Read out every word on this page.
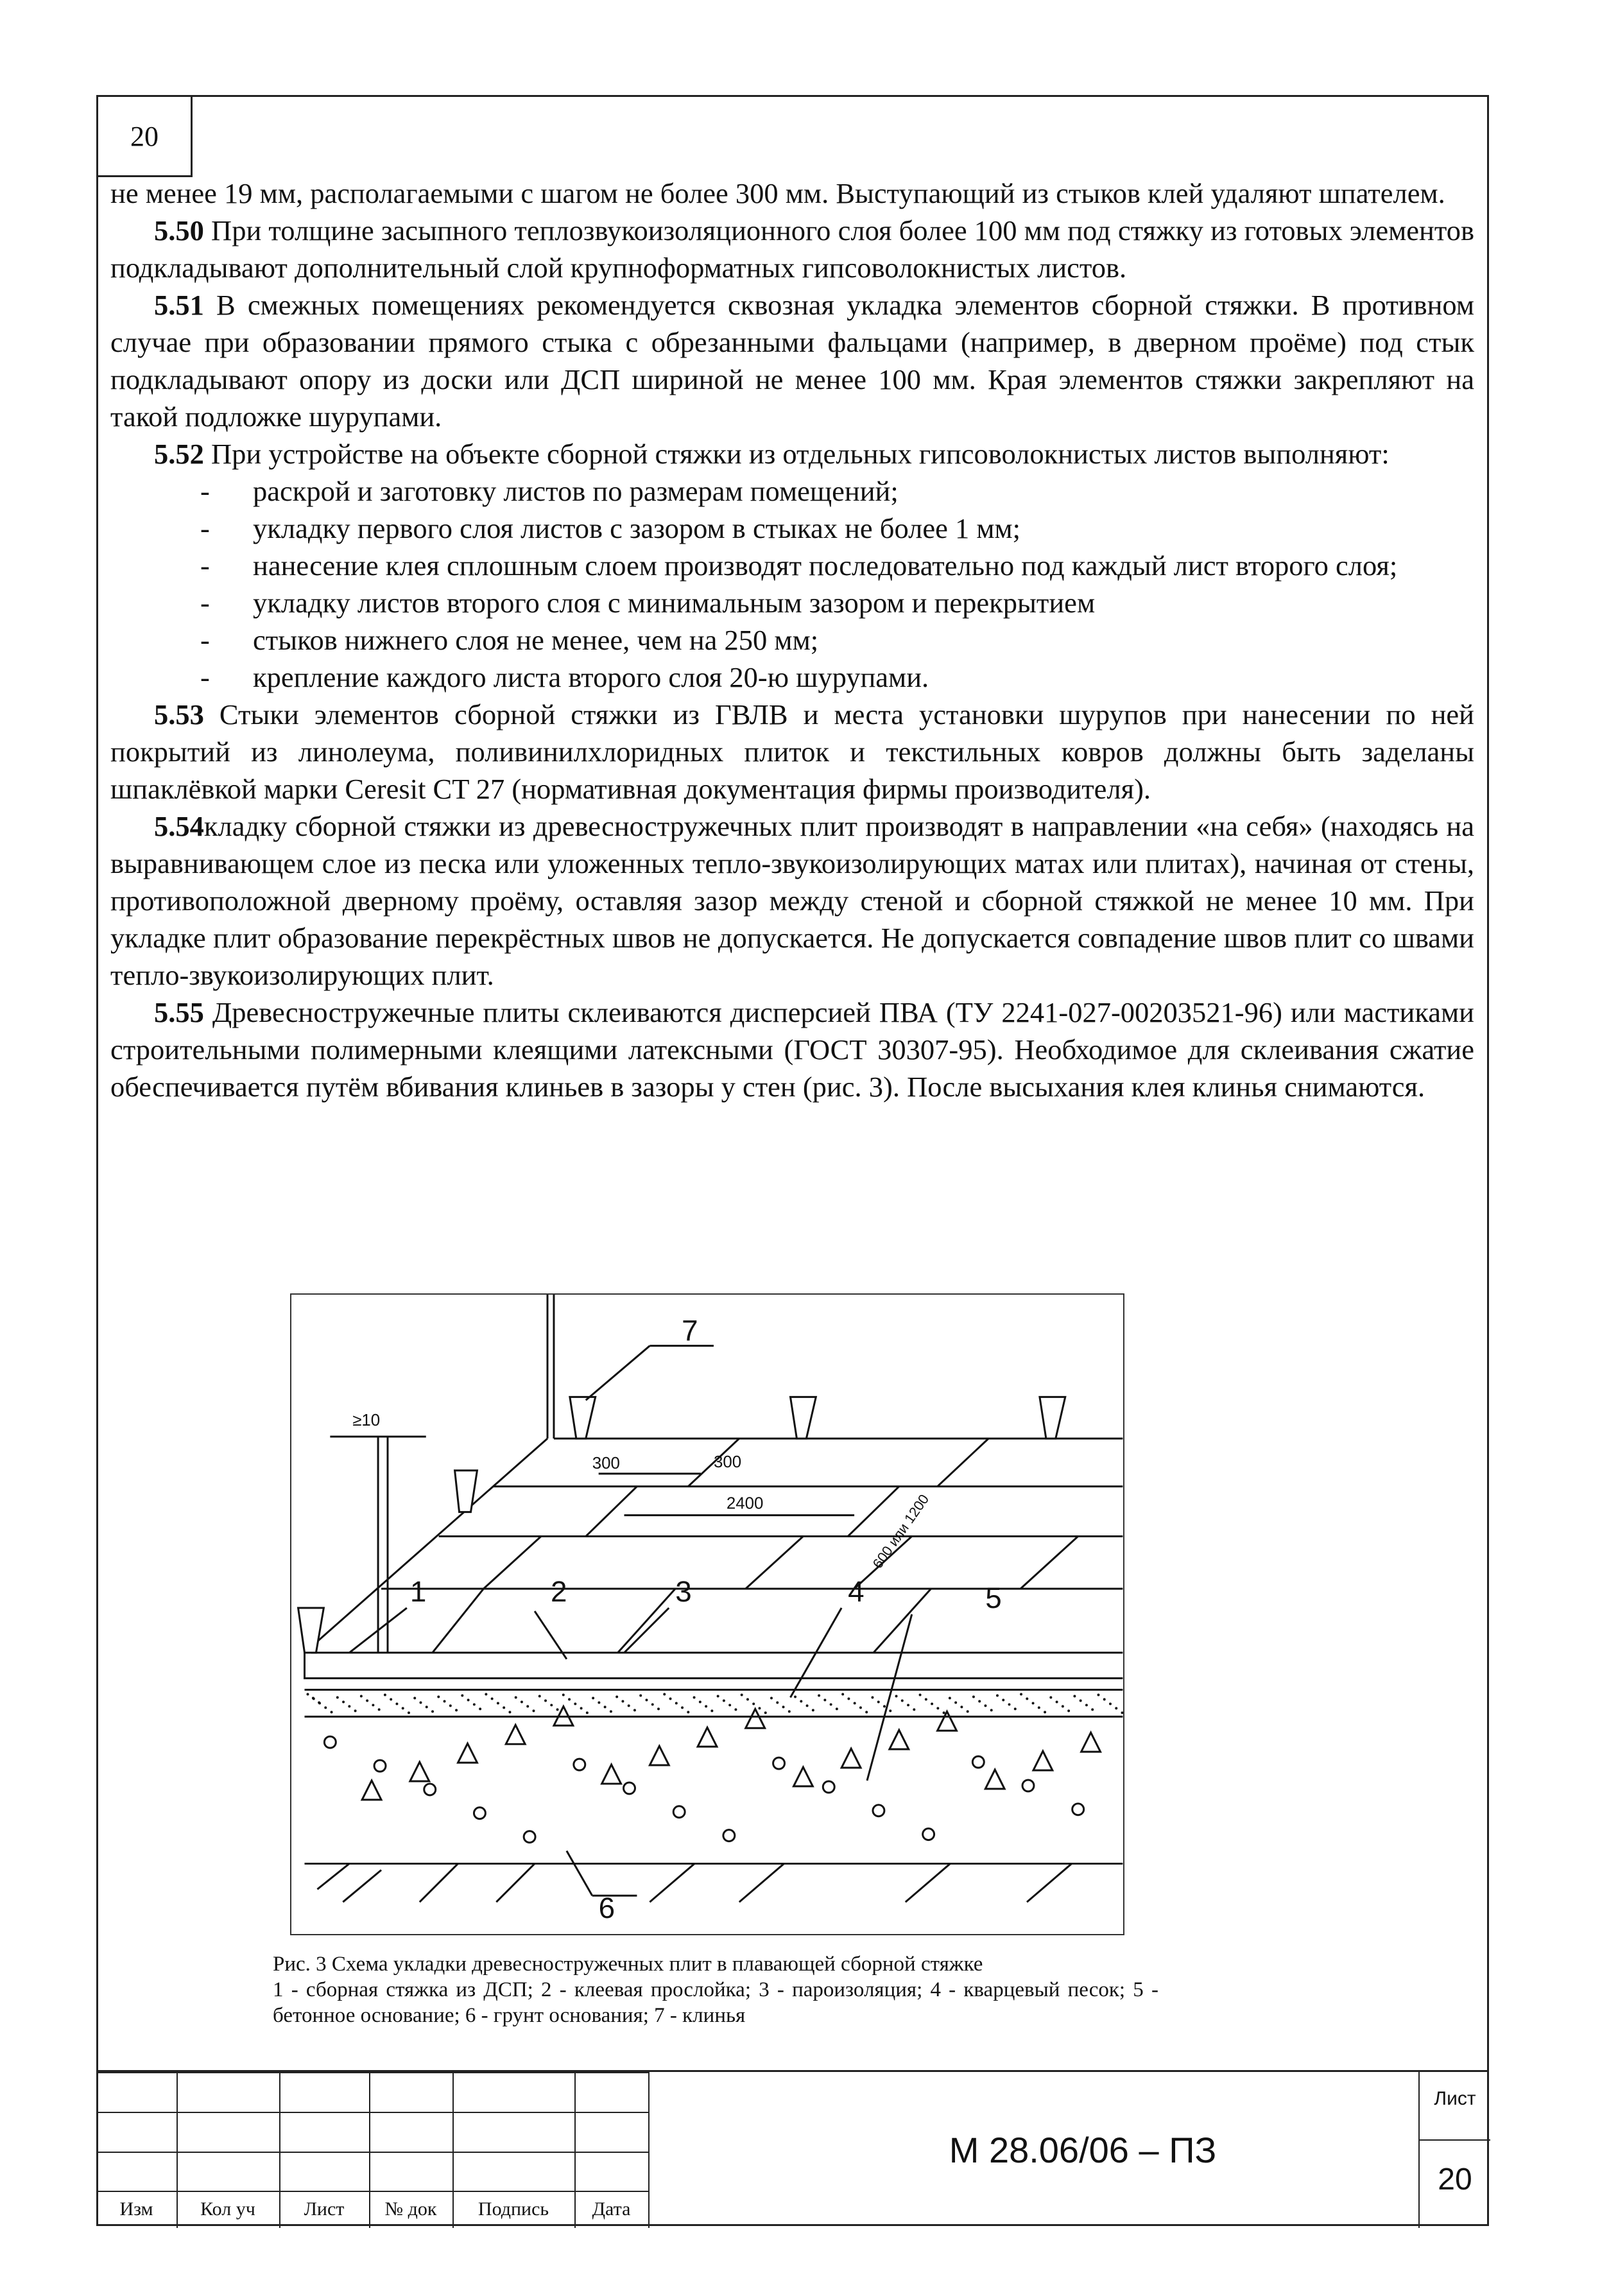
20

не менее 19 мм, располагаемыми с шагом не более 300 мм. Выступающий из стыков клей удаляют шпателем.

5.50 При толщине засыпного теплозвукоизоляционного слоя более 100 мм под стяжку из готовых элементов подкладывают дополнительный слой крупноформатных гипсоволокнистых листов.

5.51 В смежных помещениях рекомендуется сквозная укладка элементов сборной стяжки. В противном случае при образовании прямого стыка с обрезанными фальцами (например, в дверном проёме) под стык подкладывают опору из доски или ДСП шириной не менее 100 мм. Края элементов стяжки закрепляют на такой подложке шурупами.

5.52 При устройстве на объекте сборной стяжки из отдельных гипсоволокнистых листов выполняют:

- раскрой и заготовку листов по размерам помещений;
- укладку первого слоя листов с зазором в стыках не более 1 мм;
- нанесение клея сплошным слоем производят последовательно под каждый лист второго слоя;
- укладку листов второго слоя с минимальным зазором и перекрытием
- стыков нижнего слоя не менее, чем на 250 мм;
- крепление каждого листа второго слоя 20-ю шурупами.

5.53 Стыки элементов сборной стяжки из ГВЛВ и места установки шурупов при нанесении по ней покрытий из линолеума, поливинилхлоридных плиток и текстильных ковров должны быть заделаны шпаклёвкой марки Ceresit CT 27 (нормативная документация фирмы производителя).

5.54кладку сборной стяжки из древесностружечных плит производят в направлении «на себя» (находясь на выравнивающем слое из песка или уложенных тепло-звукоизолирующих матах или плитах), начиная от стены, противоположной дверному проёму, оставляя зазор между стеной и сборной стяжкой не менее 10 мм. При укладке плит образование перекрёстных швов не допускается. Не допускается совпадение швов плит со швами тепло-звукоизолирующих плит.

5.55 Древесностружечные плиты склеиваются дисперсией ПВА (ТУ 2241-027-00203521-96) или мастиками строительными полимерными клеящими латексными (ГОСТ 30307-95). Необходимое для склеивания сжатие обеспечивается путём вбивания клиньев в зазоры у стен (рис. 3). После высыхания клея клинья снимаются.

7
≥10
300	300
2400	600 или 1200
1	2	3	4	5
6

Рис. 3 Схема укладки древесностружечных плит в плавающей сборной стяжке

1 - сборная стяжка из ДСП; 2 - клеевая прослойка; 3 - пароизоляция; 4 - кварцевый песок; 5 - бетонное основание; 6 - грунт основания; 7 - клинья

Изм	Кол уч	Лист	№ док	Подпись	Дата
М 28.06/06 – ПЗ
Лист
20
